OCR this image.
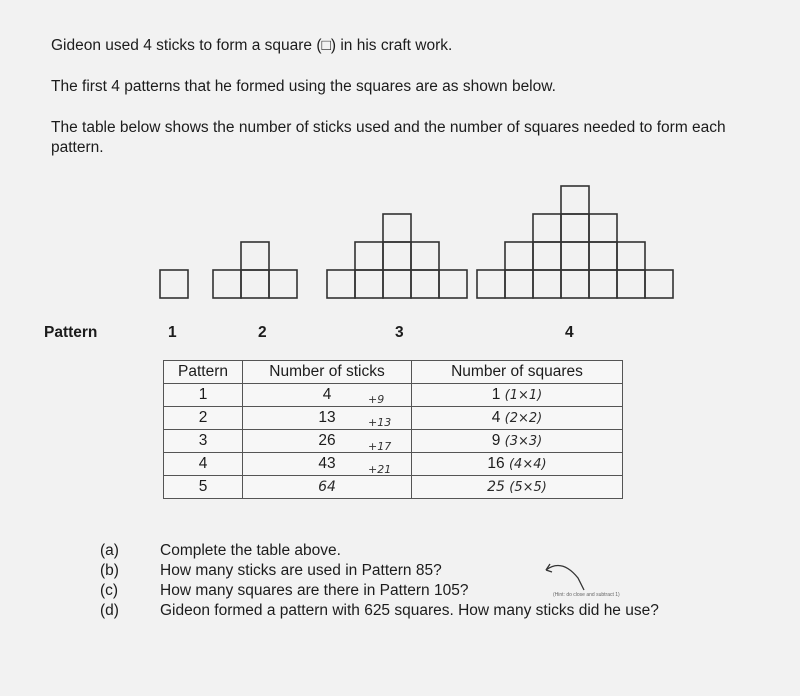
Gideon used 4 sticks to form a square (□) in his craft work.
The first 4 patterns that he formed using the squares are as shown below.
The table below shows the number of sticks used and the number of squares needed to form each pattern.
Pattern	1	2	3	4
Pattern	Number of sticks	Number of squares
1	4	1 (1×1)
2	13	4 (2×2)
3	26	9 (3×3)
4	43	16 (4×4)
5	64	25 (5×5)
+9
+13
+17
+21
(a)	Complete the table above.
(b)	How many sticks are used in Pattern 85?
(c)	How many squares are there in Pattern 105?
(d)	Gideon formed a pattern with 625 squares. How many sticks did he use?
(Hint: do close and subtract 1)
